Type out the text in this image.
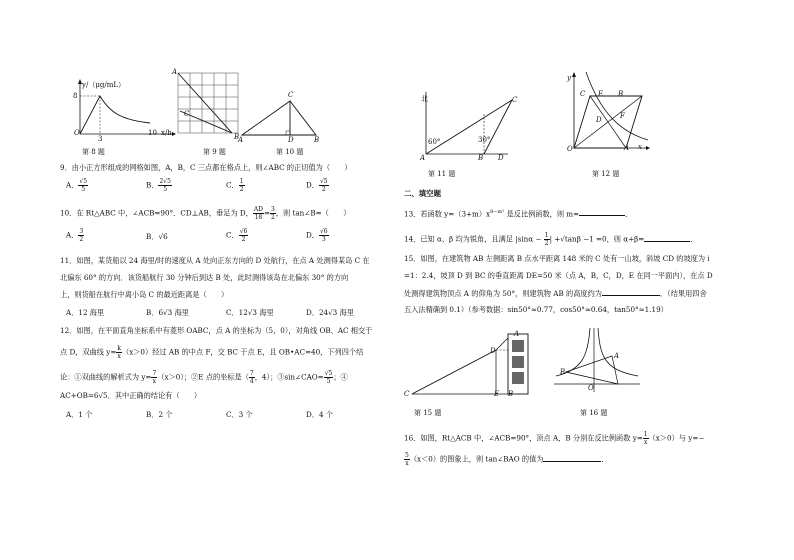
y/（μg/mL）
8
3
10 x/h
O
第 8 题
A
C
B
第 9 题
C
A	D	B
第 10 题
9．由小正方形组成的网格如图，A，B，C 三点都在格点上，则∠ABC 的正切值为（　　）
A． $\frac{√5}{5}$	B． $\frac{2√5}{5}$	C． $\frac{1}{2}$	D． $\frac{√5}{2}$
10．在 Rt△ABC 中，∠ACB=90°．CD⊥AB，垂足为 D， $\frac{AD}{18} = \frac{3}{2}$ ，则 tan∠B=（　　）
A． $\frac{3}{2}$	B．√6	C． $\frac{√6}{2}$	D． $\frac{√6}{3}$
11．如图，某货船以 24 海里/时的速度从 A 处向正东方向的 D 处航行，在点 A 处测得某岛 C 在
北偏东 60° 的方向．该货船航行 30 分钟后到达 B 处，此时测得该岛在北偏东 30° 的方向
上，则货船在航行中离小岛 C 的最近距离是（　　）
A．12 海里	B．6√3 海里	C．12√3 海里	D．24√3 海里
12．如图，在平面直角坐标系中有菱形 OABC，点 A 的坐标为（5，0），对角线 OB、AC 相交于
点 D，双曲线 $y= \frac{k}{x} (x>0)$经过 AB 的中点 F，交 BC 于点 E，且 OB•AC=40，下列四个结
论：①双曲线的解析式为 $y= \frac{7}{x} (x>0)$；②E 点的坐标是（ $\frac{7}{4}$ ，4）；③sin∠CAO= $\frac{√5}{5}$ ；④
AC+OB=6√5．其中正确的结论有（　　）
A．1 个	B．2 个	C．3 个	D．4 个
北
60°	30°
C
A	B D
第 11 题
y
x
O
C E B
D	F
A
第 12 题
二、填空题
13．若函数 $y=(3+m)x^{8-m^2}$ 是反比例函数，则 m=	．
14．已知 α、β 均为锐角，且满足 $|\sin\alpha - \frac{1}{2}$ | +√tanβ −1 =0，则 α+β=	．
15．如图，在建筑物 AB 左侧距离 B 点水平距离 148 米的 C 处有一山坡，斜坡 CD 的坡度为 i
=1：2.4，坡顶 D 到 BC 的垂直距离 DE=50 米（点 A，B，C，D，E 在同一平面内），在点 D
处测得建筑物顶点 A 的仰角为 50°，则建筑物 AB 的高度约为	．（结果用四舍
五入法精确到 0.1）（参考数据：sin50°≈0.77，cos50°≈0.64，tan50°≈1.19）
A
D
C	E B
第 15 题
B
A
O
第 16 题
16．如图，Rt△ACB 中，∠ACB=90°，顶点 A，B 分别在反比例函数 $y= \frac{1}{x} (x>0)$与 y=−
$\frac{5}{x} (x<0)$的图象上，则 tan∠BAO 的值为	．
